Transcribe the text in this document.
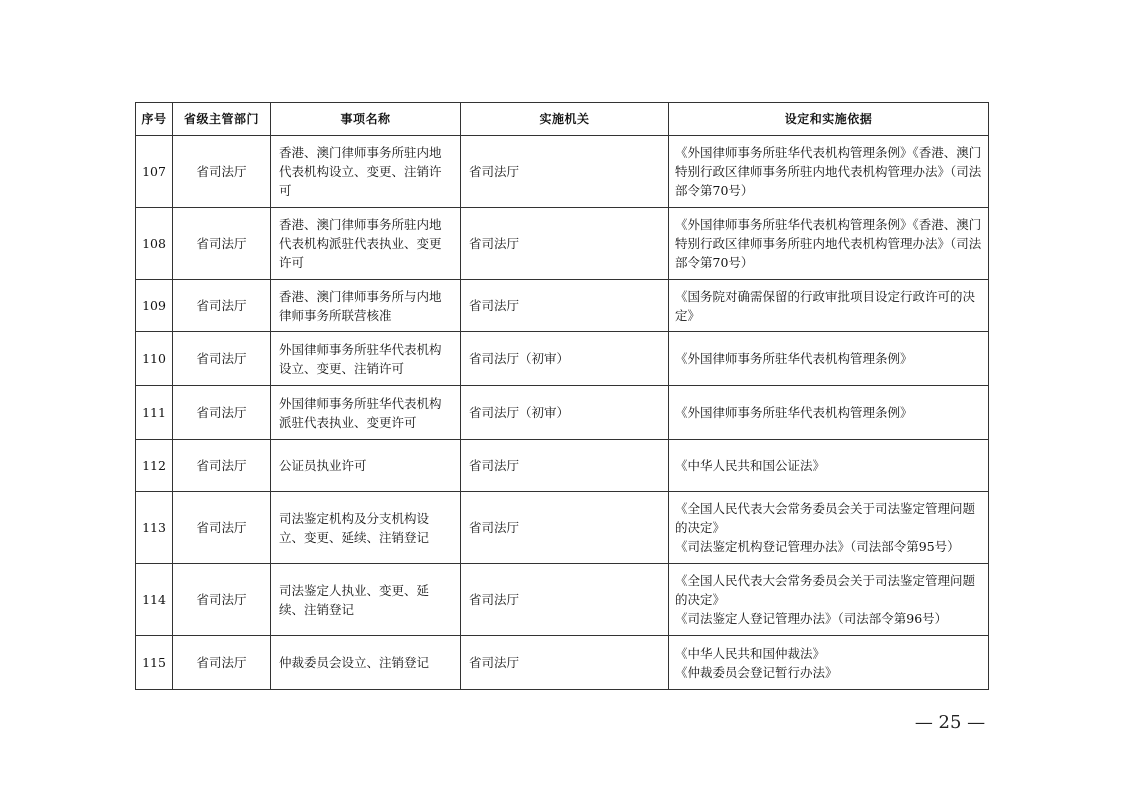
序号	省级主管部门	事项名称	实施机关	设定和实施依据
107	省司法厅	香港、澳门律师事务所驻内地代表机构设立、变更、注销许可	省司法厅	《外国律师事务所驻华代表机构管理条例》《香港、澳门特别行政区律师事务所驻内地代表机构管理办法》（司法部令第70号）

108	省司法厅	香港、澳门律师事务所驻内地代表机构派驻代表执业、变更许可	省司法厅	《外国律师事务所驻华代表机构管理条例》《香港、澳门特别行政区律师事务所驻内地代表机构管理办法》（司法部令第70号）

109	省司法厅	香港、澳门律师事务所与内地律师事务所联营核准	省司法厅	《国务院对确需保留的行政审批项目设定行政许可的决定》

110	省司法厅	外国律师事务所驻华代表机构设立、变更、注销许可	省司法厅（初审）	《外国律师事务所驻华代表机构管理条例》

111	省司法厅	外国律师事务所驻华代表机构派驻代表执业、变更许可	省司法厅（初审）	《外国律师事务所驻华代表机构管理条例》

112	省司法厅	公证员执业许可	省司法厅	《中华人民共和国公证法》

113	省司法厅	司法鉴定机构及分支机构设立、变更、延续、注销登记	省司法厅	《全国人民代表大会常务委员会关于司法鉴定管理问题的决定》
《司法鉴定机构登记管理办法》（司法部令第95号）

114	省司法厅	司法鉴定人执业、变更、延续、注销登记	省司法厅	《全国人民代表大会常务委员会关于司法鉴定管理问题的决定》
《司法鉴定人登记管理办法》（司法部令第96号）

115	省司法厅	仲裁委员会设立、注销登记	省司法厅	《中华人民共和国仲裁法》
《仲裁委员会登记暂行办法》
— 25 —
